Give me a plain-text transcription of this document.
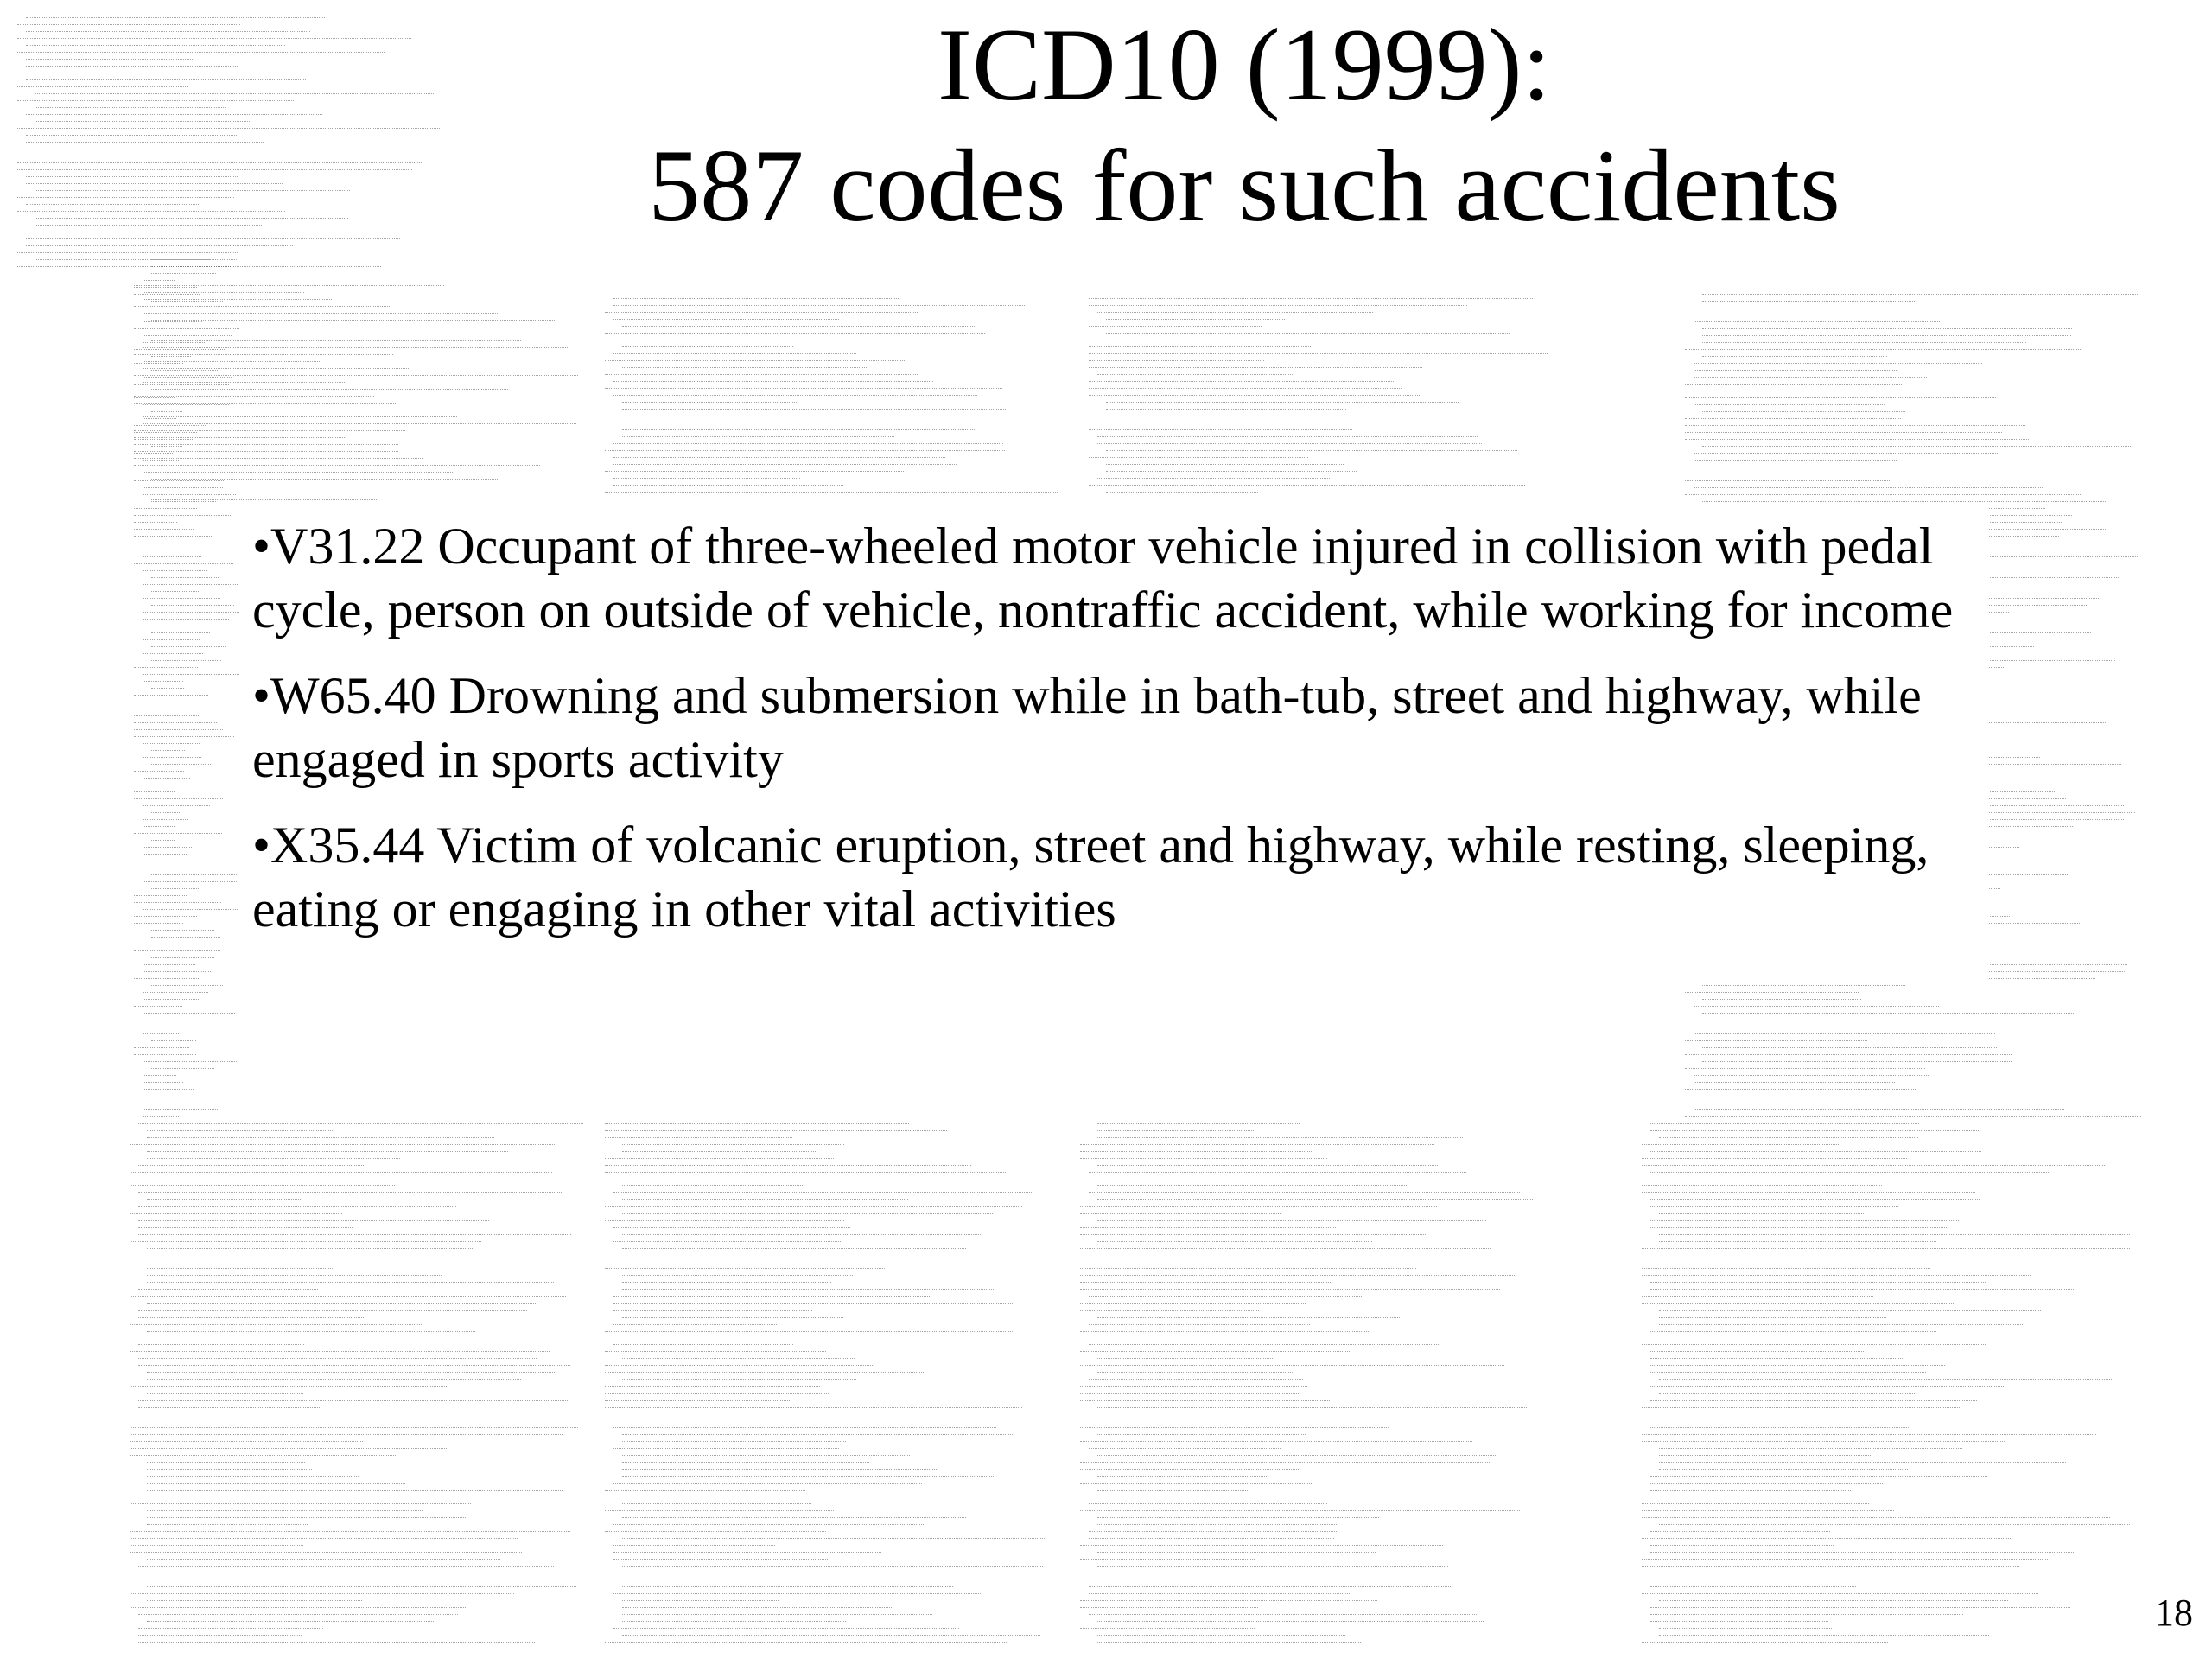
ICD10 (1999):
587 codes for such accidents

•V31.22 Occupant of three-wheeled motor vehicle injured in collision with pedal cycle, person on outside of vehicle, nontraffic accident, while working for income

•W65.40 Drowning and submersion while in bath-tub, street and highway, while engaged in sports activity

•X35.44 Victim of volcanic eruption, street and highway, while resting, sleeping, eating or engaging in other vital activities

18
